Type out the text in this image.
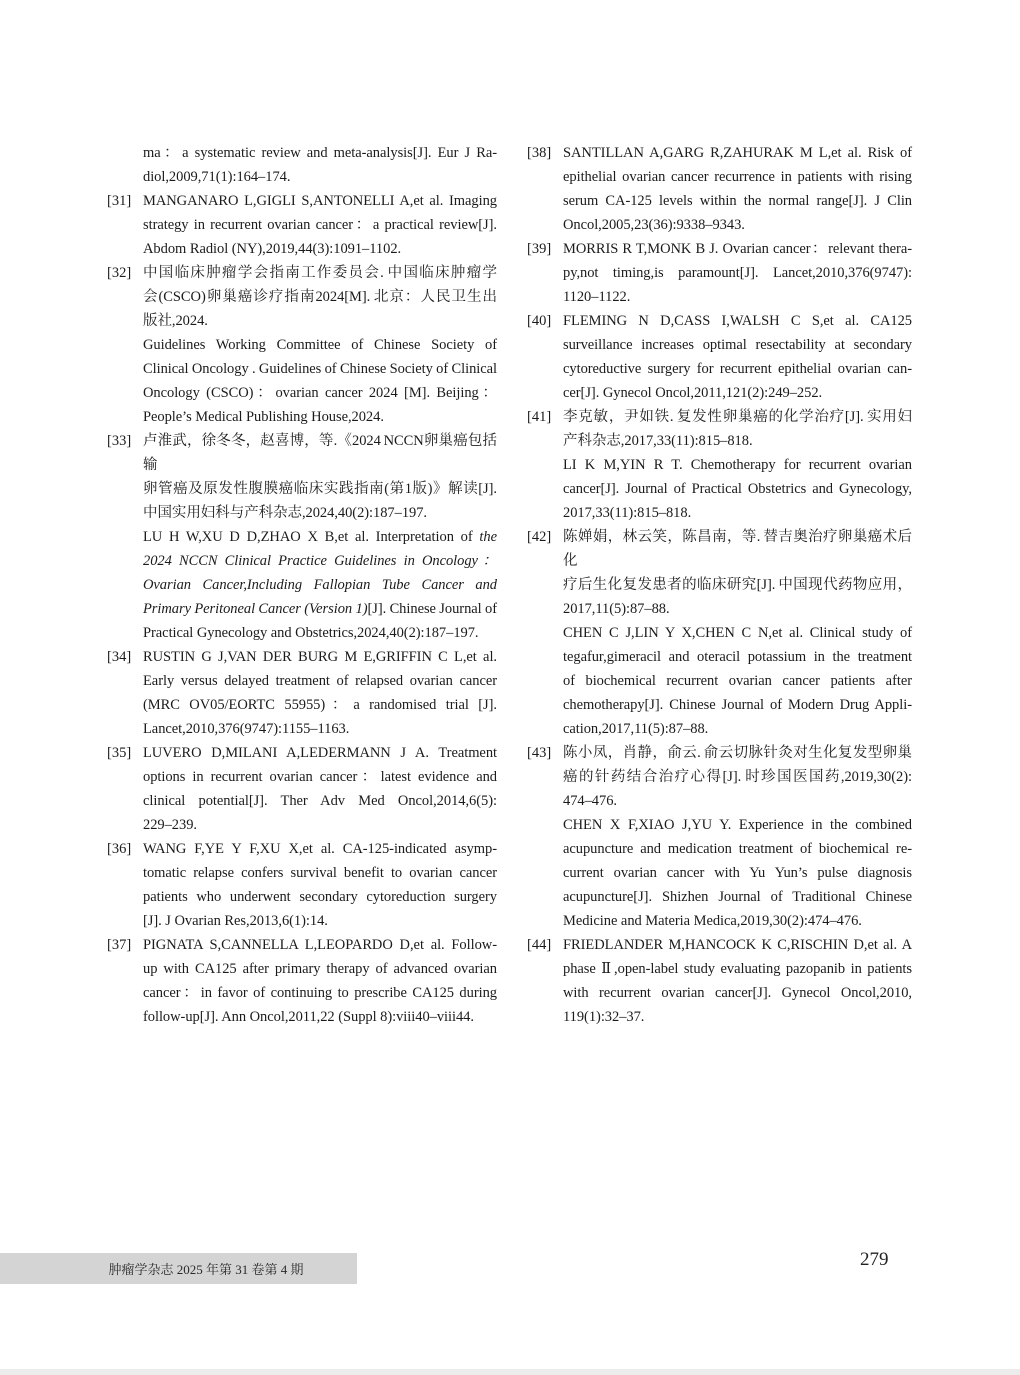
ma：a systematic review and meta-analysis[J]. Eur J Ra-
diol,2009,71(1):164–174.
[31] MANGANARO L,GIGLI S,ANTONELLI A,et al. Imaging
strategy in recurrent ovarian cancer：a practical review[J].
Abdom Radiol (NY),2019,44(3):1091–1102.
[32] 中国临床肿瘤学会指南工作委员会. 中国临床肿瘤学
会(CSCO)卵巢癌诊疗指南2024[M]. 北京：人民卫生出
版社,2024.
Guidelines Working Committee of Chinese Society of
Clinical Oncology . Guidelines of Chinese Society of Clinical
Oncology (CSCO)：ovarian cancer 2024 [M]. Beijing：
People’s Medical Publishing House,2024.
[33] 卢淮武，徐冬冬，赵喜博，等.《2024 NCCN卵巢癌包括输
卵管癌及原发性腹膜癌临床实践指南(第1版)》解读[J].
中国实用妇科与产科杂志,2024,40(2):187–197.
LU H W,XU D D,ZHAO X B,et al. Interpretation of the
2024 NCCN Clinical Practice Guidelines in Oncology：
Ovarian Cancer,Including Fallopian Tube Cancer and
Primary Peritoneal Cancer (Version 1)[J]. Chinese Journal of
Practical Gynecology and Obstetrics,2024,40(2):187–197.
[34] RUSTIN G J,VAN DER BURG M E,GRIFFIN C L,et al.
Early versus delayed treatment of relapsed ovarian cancer
(MRC OV05/EORTC 55955)：a randomised trial [J].
Lancet,2010,376(9747):1155–1163.
[35] LUVERO D,MILANI A,LEDERMANN J A. Treatment
options in recurrent ovarian cancer：latest evidence and
clinical potential[J]. Ther Adv Med Oncol,2014,6(5):
229–239.
[36] WANG F,YE Y F,XU X,et al. CA-125-indicated asymp-
tomatic relapse confers survival benefit to ovarian cancer
patients who underwent secondary cytoreduction surgery
[J]. J Ovarian Res,2013,6(1):14.
[37] PIGNATA S,CANNELLA L,LEOPARDO D,et al. Follow-
up with CA125 after primary therapy of advanced ovarian
cancer：in favor of continuing to prescribe CA125 during
follow-up[J]. Ann Oncol,2011,22 (Suppl 8):viii40–viii44.
[38] SANTILLAN A,GARG R,ZAHURAK M L,et al. Risk of
epithelial ovarian cancer recurrence in patients with rising
serum CA-125 levels within the normal range[J]. J Clin
Oncol,2005,23(36):9338–9343.
[39] MORRIS R T,MONK B J. Ovarian cancer：relevant thera-
py,not timing,is paramount[J]. Lancet,2010,376(9747):
1120–1122.
[40] FLEMING N D,CASS I,WALSH C S,et al. CA125
surveillance increases optimal resectability at secondary
cytoreductive surgery for recurrent epithelial ovarian can-
cer[J]. Gynecol Oncol,2011,121(2):249–252.
[41] 李克敏，尹如铁. 复发性卵巢癌的化学治疗[J]. 实用妇
产科杂志,2017,33(11):815–818.
LI K M,YIN R T. Chemotherapy for recurrent ovarian
cancer[J]. Journal of Practical Obstetrics and Gynecology,
2017,33(11):815–818.
[42] 陈婵娟，林云笑，陈昌南，等. 替吉奥治疗卵巢癌术后化
疗后生化复发患者的临床研究[J]. 中国现代药物应用，
2017,11(5):87–88.
CHEN C J,LIN Y X,CHEN C N,et al. Clinical study of
tegafur,gimeracil and oteracil potassium in the treatment
of biochemical recurrent ovarian cancer patients after
chemotherapy[J]. Chinese Journal of Modern Drug Appli-
cation,2017,11(5):87–88.
[43] 陈小凤，肖静，俞云. 俞云切脉针灸对生化复发型卵巢
癌的针药结合治疗心得[J]. 时珍国医国药,2019,30(2):
474–476.
CHEN X F,XIAO J,YU Y. Experience in the combined
acupuncture and medication treatment of biochemical re-
current ovarian cancer with Yu Yun’s pulse diagnosis
acupuncture[J]. Shizhen Journal of Traditional Chinese
Medicine and Materia Medica,2019,30(2):474–476.
[44] FRIEDLANDER M,HANCOCK K C,RISCHIN D,et al. A
phase Ⅱ,open-label study evaluating pazopanib in patients
with recurrent ovarian cancer[J]. Gynecol Oncol,2010,
119(1):32–37.
肿瘤学杂志 2025 年第 31 卷第 4 期	279
